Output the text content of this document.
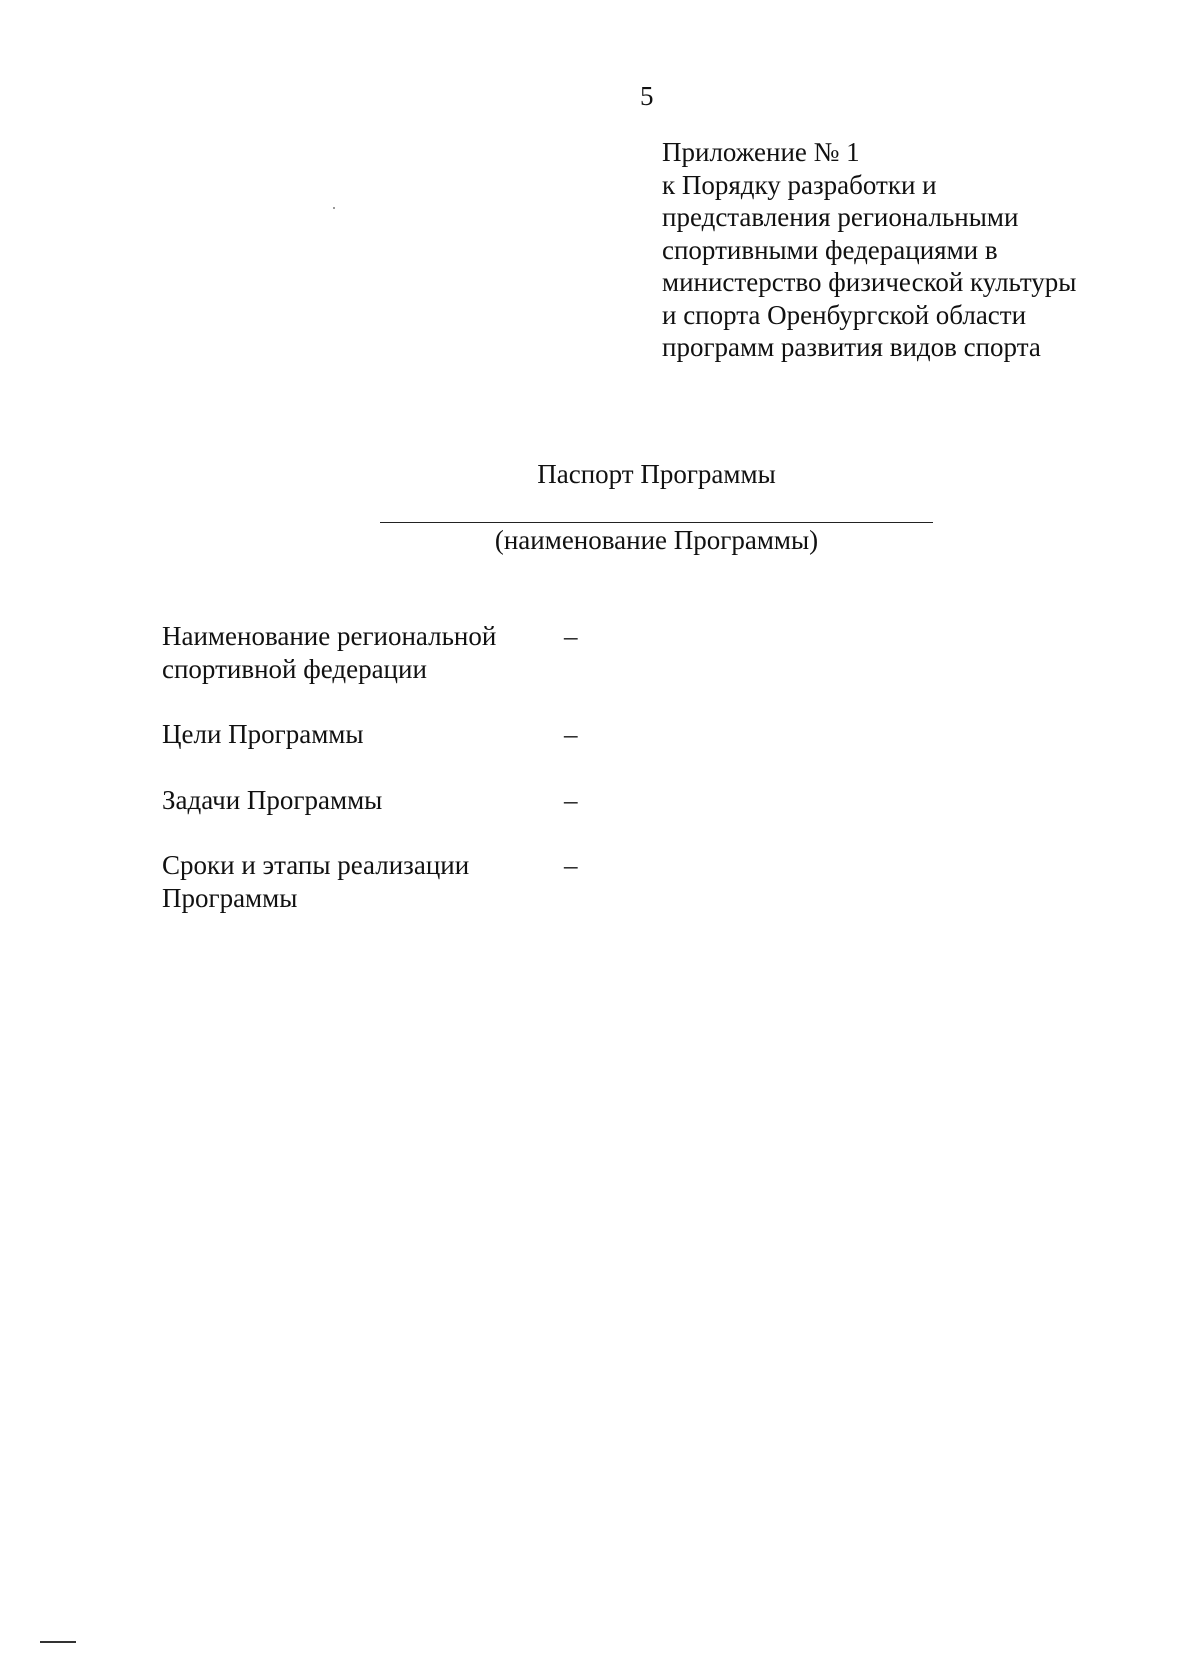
5
Приложение № 1
к Порядку разработки и
представления региональными
спортивными федерациями в
министерство физической культуры
и спорта Оренбургской области
программ развития видов спорта
Паспорт Программы
(наименование Программы)
Наименование региональной
спортивной федерации
–
Цели Программы	–
Задачи Программы	–
Сроки и этапы реализации
Программы
–
